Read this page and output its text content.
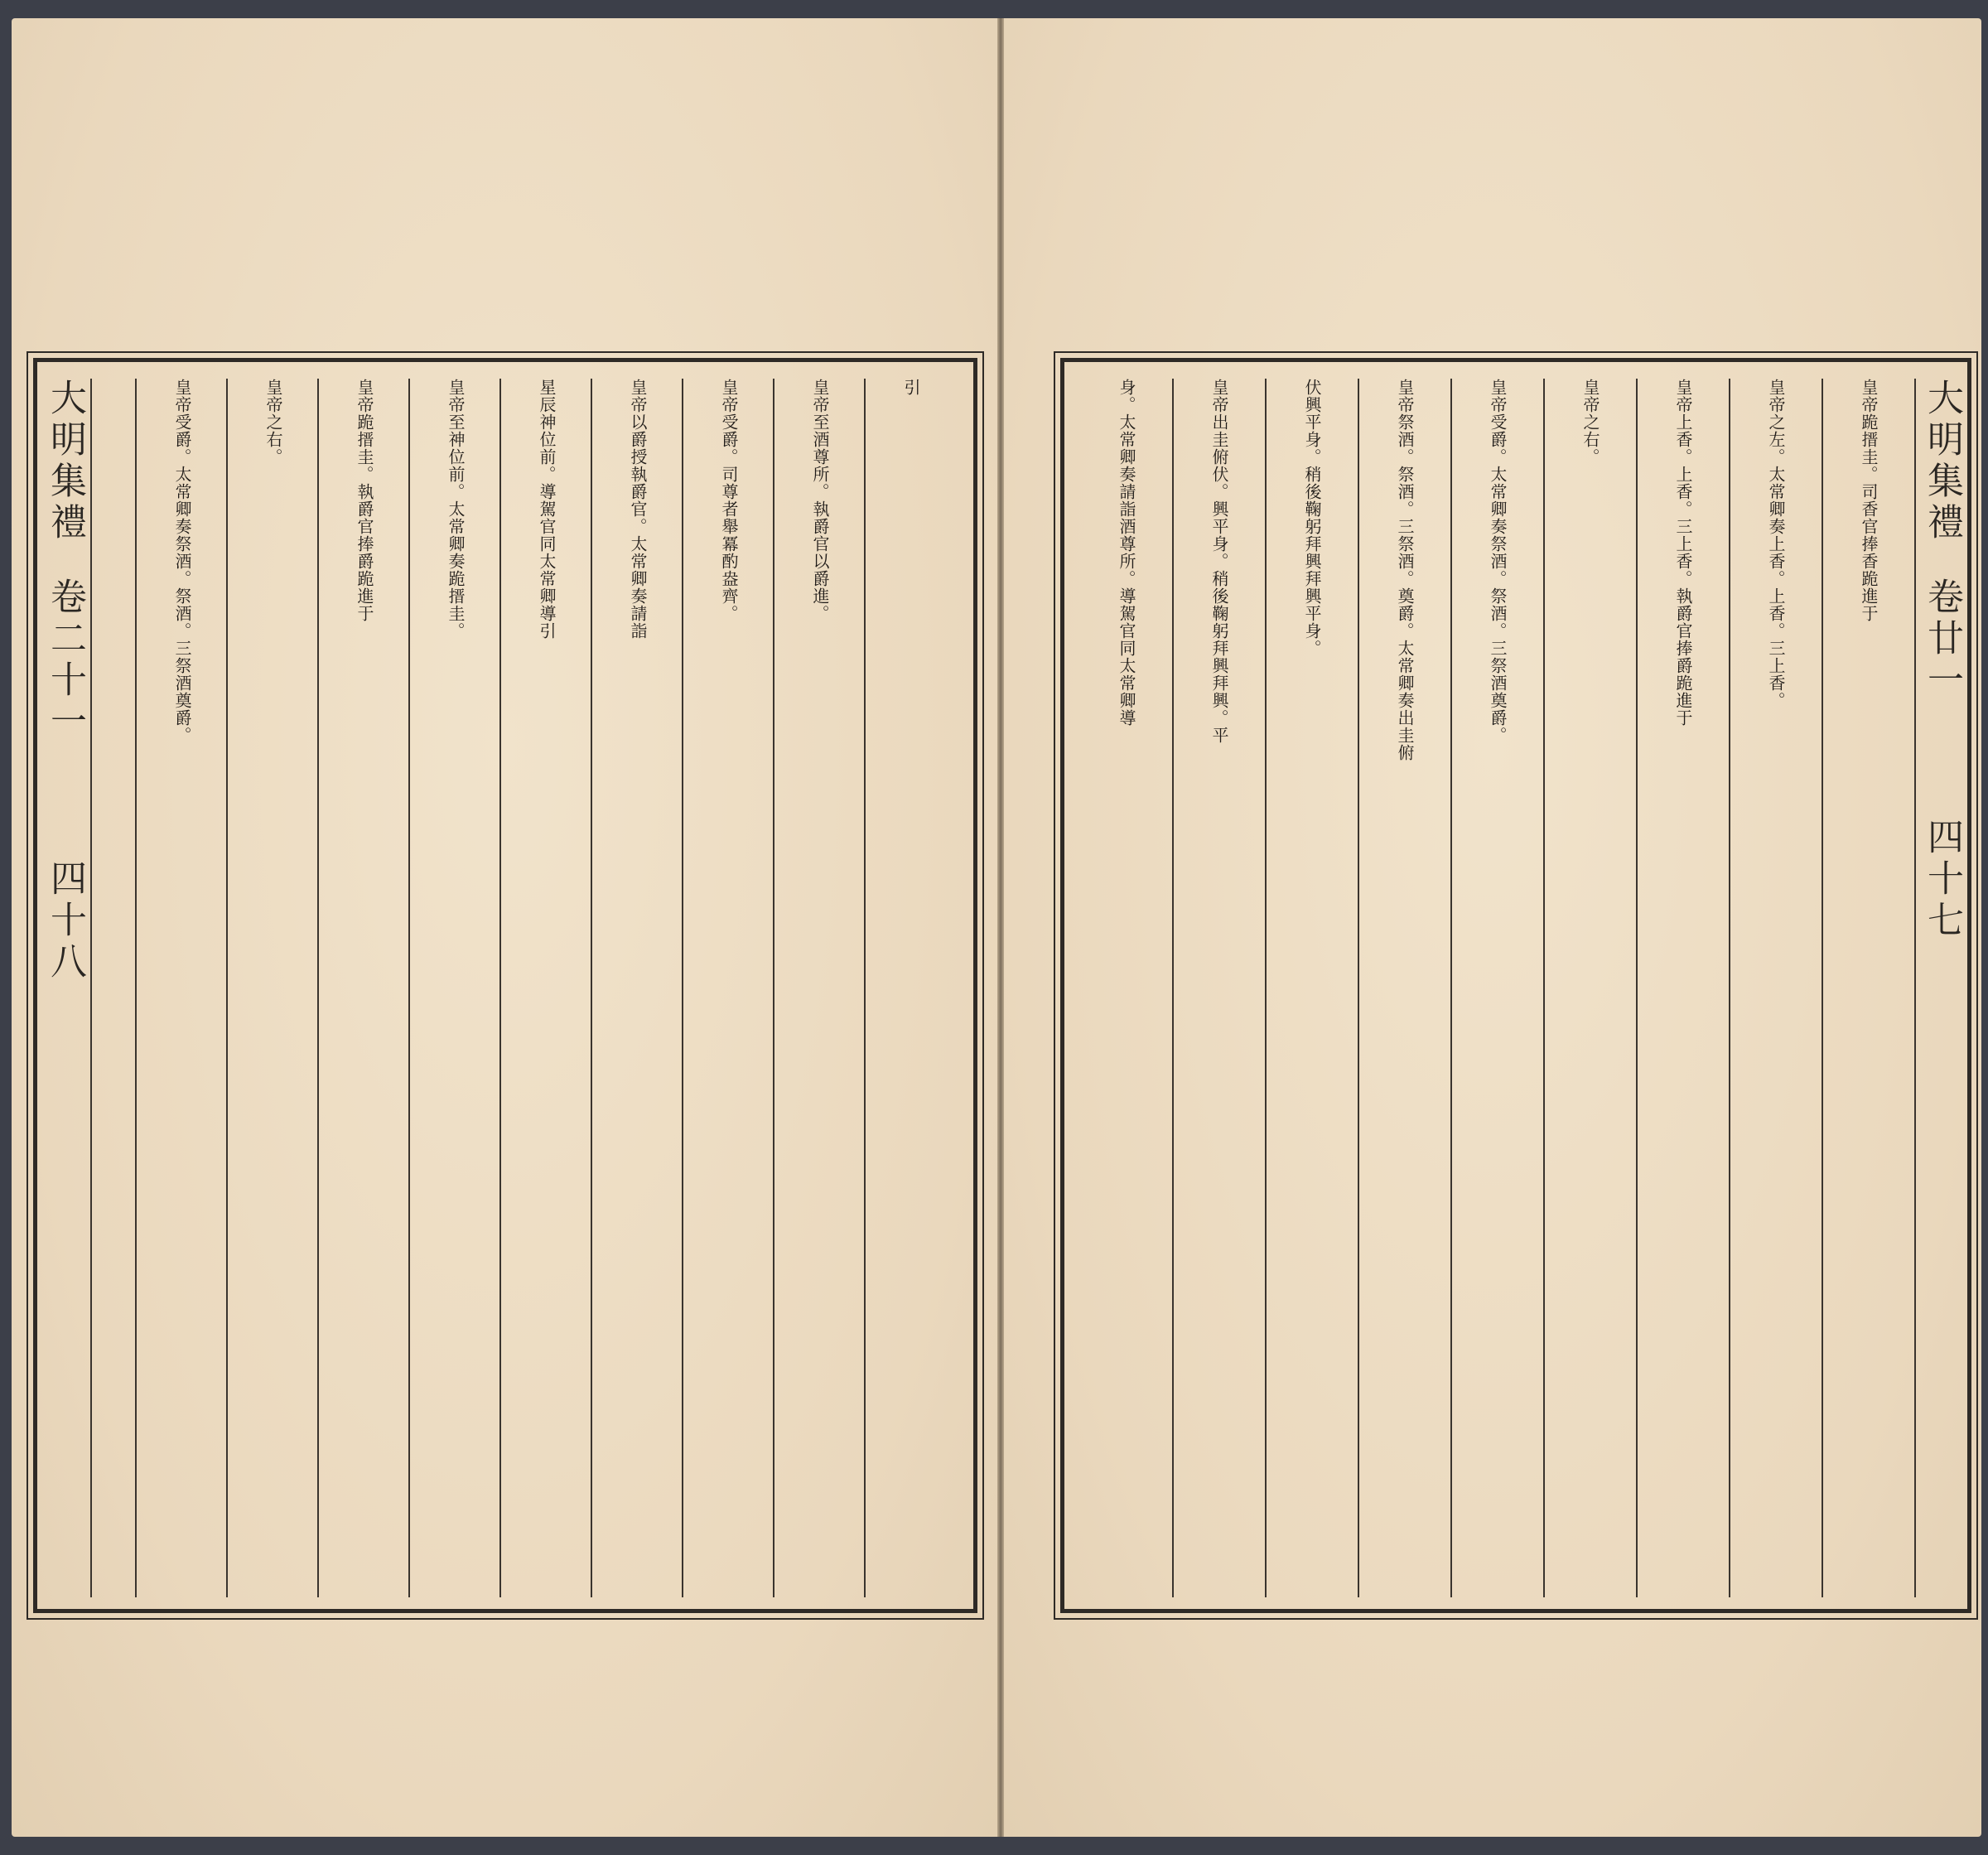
引
皇帝至酒尊所。執爵官以爵進。
皇帝受爵。司尊者舉冪酌盎齊。
皇帝以爵授執爵官。太常卿奏請詣
星辰神位前。導駕官同太常卿導引
皇帝至神位前。太常卿奏跪搢圭。
皇帝跪搢圭。執爵官捧爵跪進于
皇帝之右。
皇帝受爵。太常卿奏祭酒。祭酒。三祭酒奠爵。
大明集禮
卷二十一
四十八
大明集禮
卷廿一
四十七
皇帝跪搢圭。司香官捧香跪進于
皇帝之左。太常卿奏上香。上香。三上香。
皇帝上香。上香。三上香。執爵官捧爵跪進于
皇帝之右。
皇帝受爵。太常卿奏祭酒。祭酒。三祭酒奠爵。
皇帝祭酒。祭酒。三祭酒。奠爵。太常卿奏出圭俯
伏興平身。稍後鞠躬拜興拜興平身。
皇帝出圭俯伏。興平身。稍後鞠躬拜興拜興。平
身。太常卿奏請詣酒尊所。導駕官同太常卿導
